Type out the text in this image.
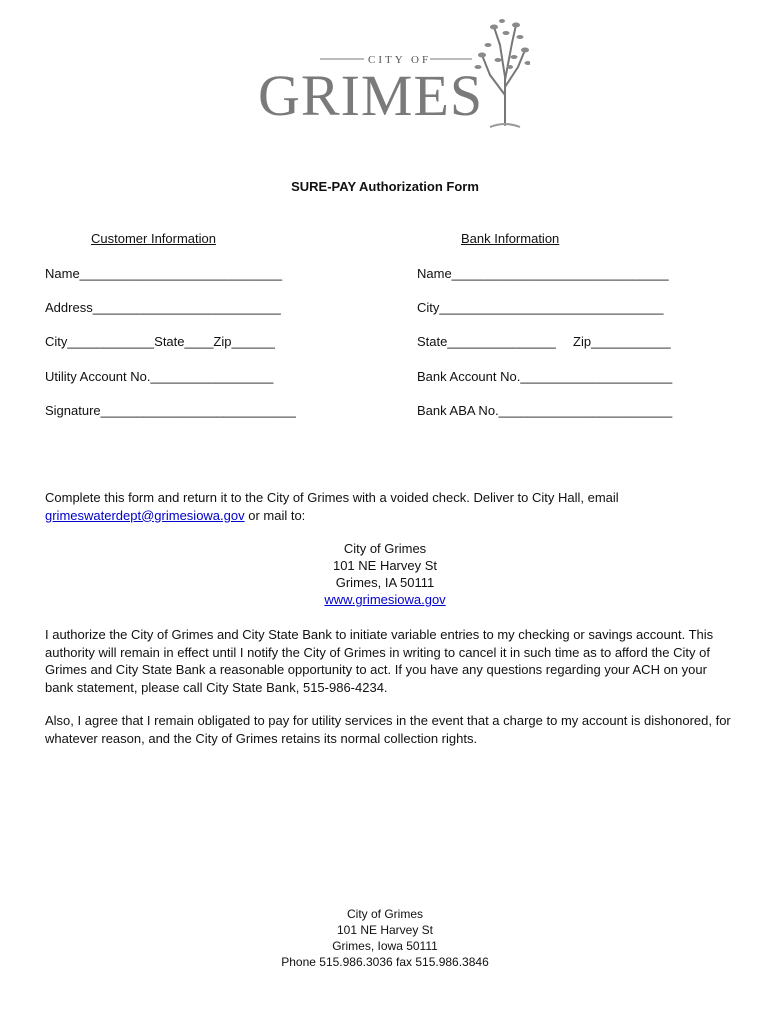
CITY OF
GRIMES
SURE-PAY Authorization Form
Customer Information	Bank Information
Name____________________________
Address__________________________
City____________State____Zip______
Utility Account No._________________
Signature___________________________
Name______________________________
City_______________________________
State_______________ Zip___________
Bank Account No._____________________
Bank ABA No.________________________
Complete this form and return it to the City of Grimes with a voided check. Deliver to City Hall, email grimeswaterdept@grimesiowa.gov or mail to:
City of Grimes
101 NE Harvey St
Grimes, IA 50111
www.grimesiowa.gov
I authorize the City of Grimes and City State Bank to initiate variable entries to my checking or savings account. This authority will remain in effect until I notify the City of Grimes in writing to cancel it in such time as to afford the City of Grimes and City State Bank a reasonable opportunity to act. If you have any questions regarding your ACH on your bank statement, please call City State Bank, 515-986-4234.
Also, I agree that I remain obligated to pay for utility services in the event that a charge to my account is dishonored, for whatever reason, and the City of Grimes retains its normal collection rights.
City of Grimes
101 NE Harvey St
Grimes, Iowa 50111
Phone 515.986.3036 fax 515.986.3846
